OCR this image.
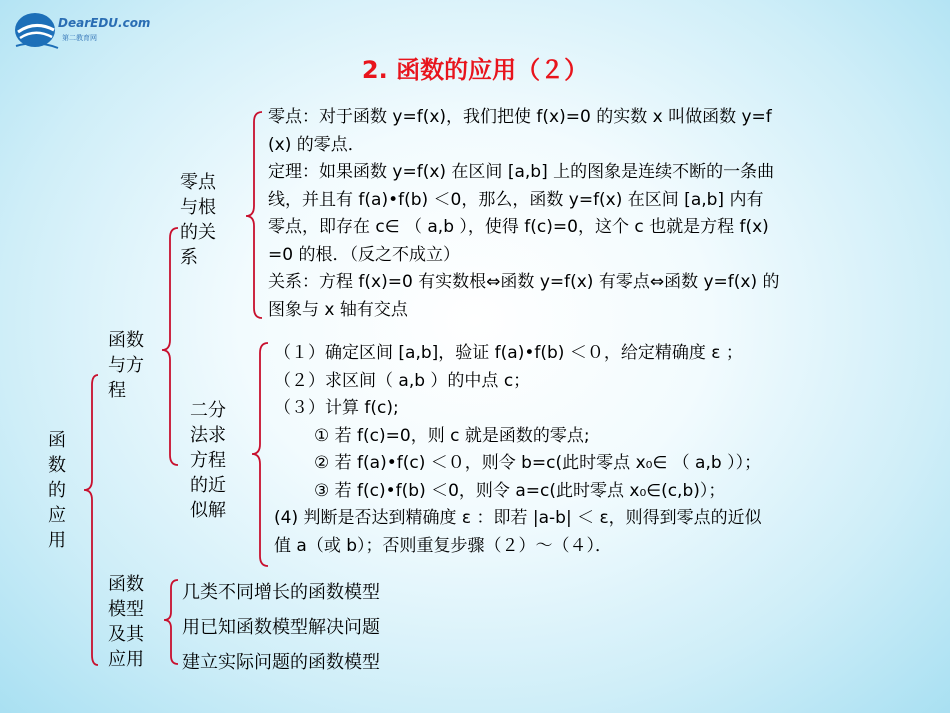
DearEDU.com
第二教育网
2. 函数的应用（２）
函
数
的
应
用
函数
与方
程
零点
与根
的关
系
零点：对于函数 y=f(x)，我们把使 f(x)=0 的实数 x 叫做函数 y=f
(x) 的零点．
定理：如果函数 y=f(x) 在区间 [a,b] 上的图象是连续不断的一条曲
线，并且有 f(a)•f(b) ＜0，那么，函数 y=f(x) 在区间 [a,b] 内有
零点，即存在 c∈ （ a,b ），使得 f(c)=0，这个 c 也就是方程 f(x)
=0 的根．（反之不成立）
关系：方程 f(x)=0 有实数根⇔函数 y=f(x) 有零点⇔函数 y=f(x) 的
图象与 x 轴有交点
二分
法求
方程
的近
似解
（１）确定区间 [a,b]，验证 f(a)•f(b) ＜０，给定精确度 ε ；
（２）求区间（ a,b ）的中点 c；
（３）计算 f(c);
① 若 f(c)=0，则 c 就是函数的零点;
② 若 f(a)•f(c) ＜０，则令 b=c(此时零点 x₀∈ （ a,b ））；
③ 若 f(c)•f(b) ＜0，则令 a=c(此时零点 x₀∈(c,b)）；
(4) 判断是否达到精确度 ε ：即若 |a-b| ＜ ε，则得到零点的近似
值 a（或 b）；否则重复步骤（２）～（４）．
函数
模型
及其
应用
几类不同增长的函数模型
用已知函数模型解决问题
建立实际问题的函数模型
